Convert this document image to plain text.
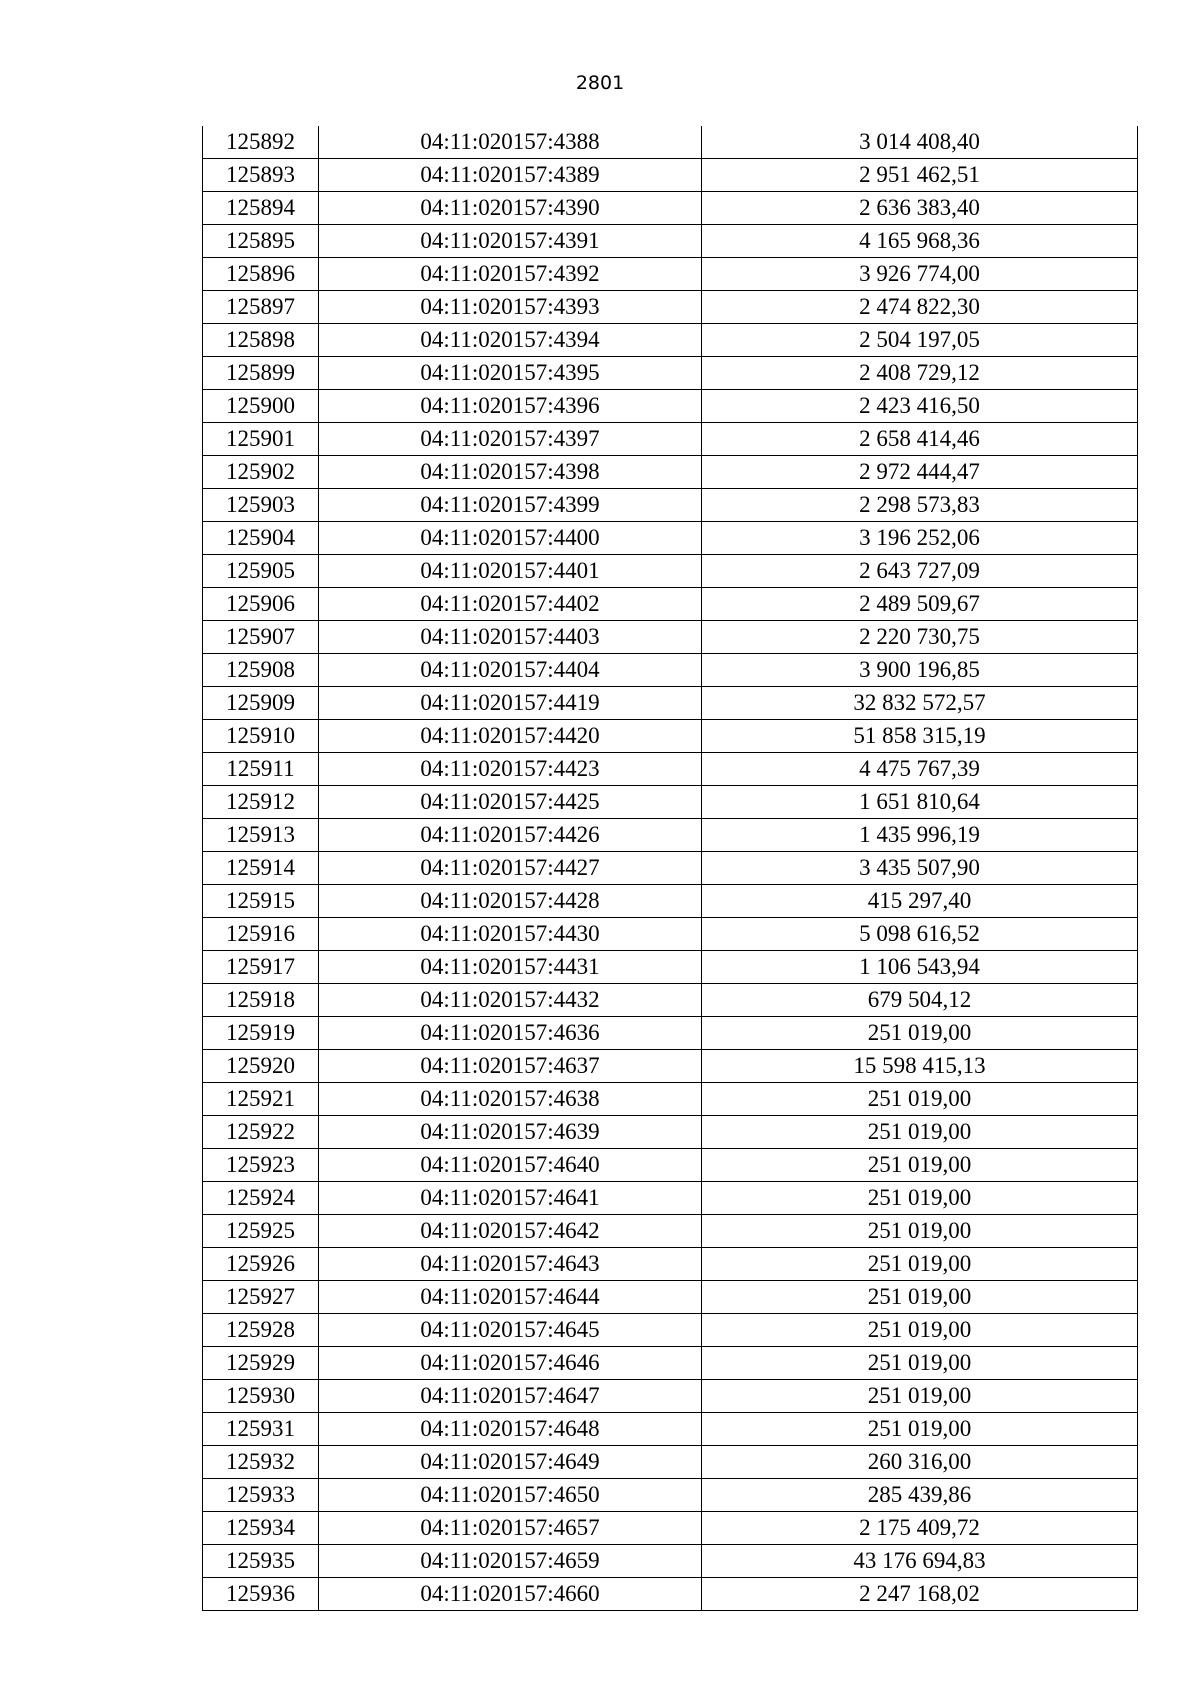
2801
125892	04:11:020157:4388	3 014 408,40
125893	04:11:020157:4389	2 951 462,51
125894	04:11:020157:4390	2 636 383,40
125895	04:11:020157:4391	4 165 968,36
125896	04:11:020157:4392	3 926 774,00
125897	04:11:020157:4393	2 474 822,30
125898	04:11:020157:4394	2 504 197,05
125899	04:11:020157:4395	2 408 729,12
125900	04:11:020157:4396	2 423 416,50
125901	04:11:020157:4397	2 658 414,46
125902	04:11:020157:4398	2 972 444,47
125903	04:11:020157:4399	2 298 573,83
125904	04:11:020157:4400	3 196 252,06
125905	04:11:020157:4401	2 643 727,09
125906	04:11:020157:4402	2 489 509,67
125907	04:11:020157:4403	2 220 730,75
125908	04:11:020157:4404	3 900 196,85
125909	04:11:020157:4419	32 832 572,57
125910	04:11:020157:4420	51 858 315,19
125911	04:11:020157:4423	4 475 767,39
125912	04:11:020157:4425	1 651 810,64
125913	04:11:020157:4426	1 435 996,19
125914	04:11:020157:4427	3 435 507,90
125915	04:11:020157:4428	415 297,40
125916	04:11:020157:4430	5 098 616,52
125917	04:11:020157:4431	1 106 543,94
125918	04:11:020157:4432	679 504,12
125919	04:11:020157:4636	251 019,00
125920	04:11:020157:4637	15 598 415,13
125921	04:11:020157:4638	251 019,00
125922	04:11:020157:4639	251 019,00
125923	04:11:020157:4640	251 019,00
125924	04:11:020157:4641	251 019,00
125925	04:11:020157:4642	251 019,00
125926	04:11:020157:4643	251 019,00
125927	04:11:020157:4644	251 019,00
125928	04:11:020157:4645	251 019,00
125929	04:11:020157:4646	251 019,00
125930	04:11:020157:4647	251 019,00
125931	04:11:020157:4648	251 019,00
125932	04:11:020157:4649	260 316,00
125933	04:11:020157:4650	285 439,86
125934	04:11:020157:4657	2 175 409,72
125935	04:11:020157:4659	43 176 694,83
125936	04:11:020157:4660	2 247 168,02
